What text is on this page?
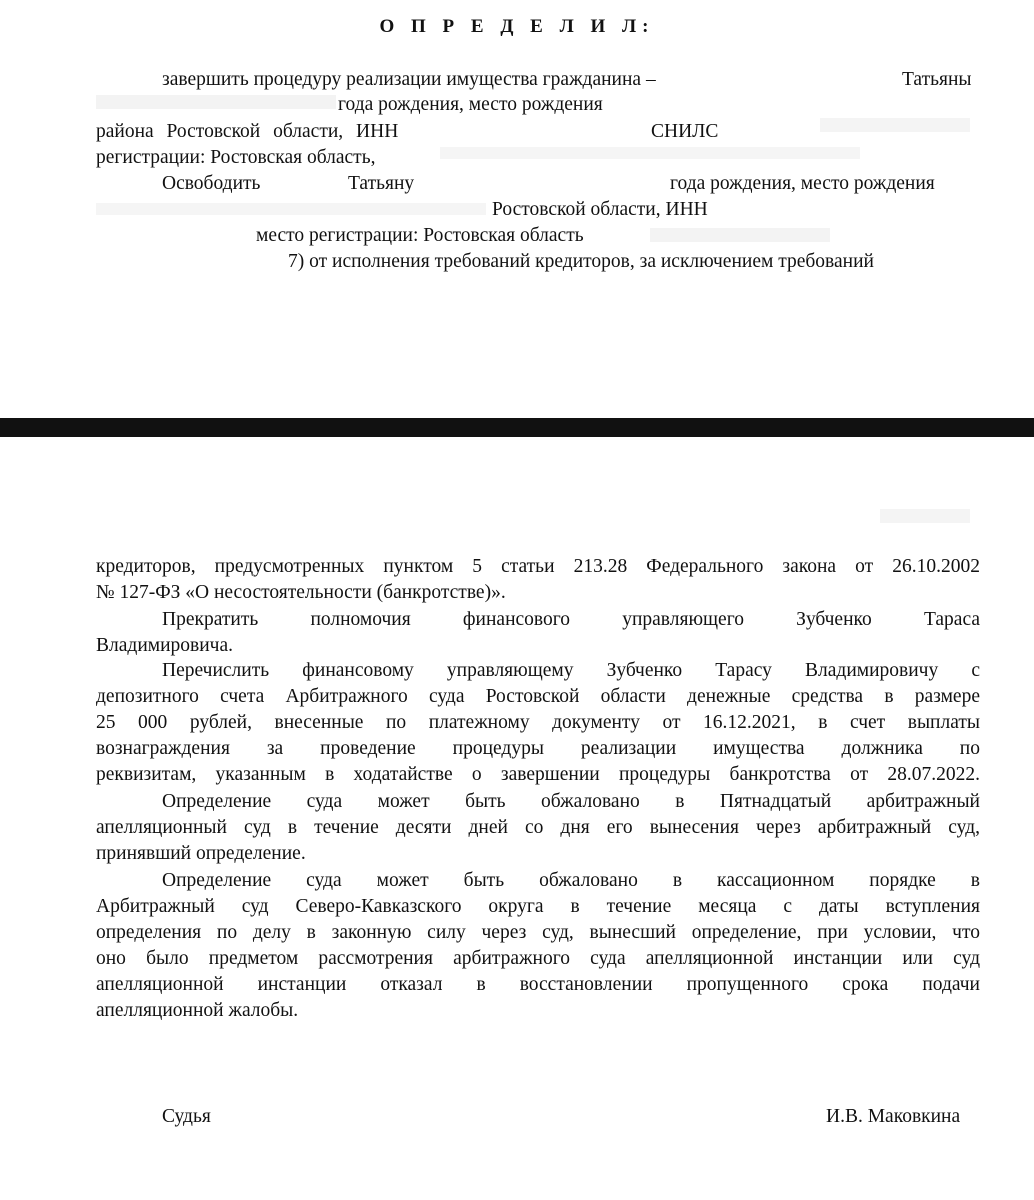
О П Р Е Д Е Л И Л:
завершить процедуру реализации имущества гражданина –	Татьяны
года рождения, место рождения
района Ростовской области, ИНН	СНИЛС
регистрации: Ростовская область,
Освободить	Татьяну	года рождения, место рождения
Ростовской области, ИНН
место регистрации: Ростовская область
7) от исполнения требований кредиторов, за исключением требований
кредиторов, предусмотренных пунктом 5 статьи 213.28 Федерального закона от 26.10.2002
№ 127-ФЗ «О несостоятельности (банкротстве)».
Прекратить полномочия финансового управляющего Зубченко Тараса
Владимировича.
Перечислить финансовому управляющему Зубченко Тарасу Владимировичу с
депозитного счета Арбитражного суда Ростовской области денежные средства в размере
25 000 рублей, внесенные по платежному документу от 16.12.2021, в счет выплаты
вознаграждения за проведение процедуры реализации имущества должника по
реквизитам, указанным в ходатайстве о завершении процедуры банкротства от 28.07.2022.
Определение суда может быть обжаловано в Пятнадцатый арбитражный
апелляционный суд в течение десяти дней со дня его вынесения через арбитражный суд,
принявший определение.
Определение суда может быть обжаловано в кассационном порядке в
Арбитражный суд Северо-Кавказского округа в течение месяца с даты вступления
определения по делу в законную силу через суд, вынесший определение, при условии, что
оно было предметом рассмотрения арбитражного суда апелляционной инстанции или суд
апелляционной инстанции отказал в восстановлении пропущенного срока подачи
апелляционной жалобы.
Судья	И.В. Маковкина
